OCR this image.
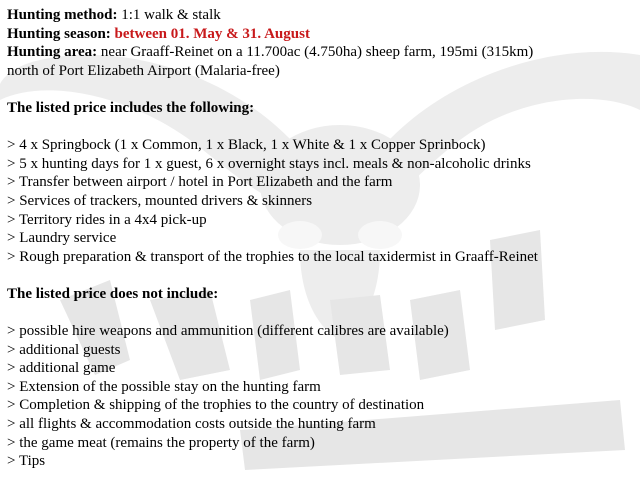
Hunting method: 1:1 walk & stalk

Hunting season: between 01. May & 31. August

Hunting area: near Graaff-Reinet on a 11.700ac (4.750ha) sheep farm, 195mi (315km)

north of Port Elizabeth Airport (Malaria-free)

The listed price includes the following:

> 4 x Springbock (1 x Common, 1 x Black, 1 x White & 1 x Copper Sprinbock)
> 5 x hunting days for 1 x guest, 6 x overnight stays incl. meals & non-alcoholic drinks
> Transfer between airport / hotel in Port Elizabeth and the farm
> Services of trackers, mounted drivers & skinners
> Territory rides in a 4x4 pick-up
> Laundry service
> Rough preparation & transport of the trophies to the local taxidermist in Graaff-Reinet

The listed price does not include:

> possible hire weapons and ammunition (different calibres are available)
> additional guests
> additional game
> Extension of the possible stay on the hunting farm
> Completion & shipping of the trophies to the country of destination
> all flights & accommodation costs outside the hunting farm
> the game meat (remains the property of the farm)
> Tips
